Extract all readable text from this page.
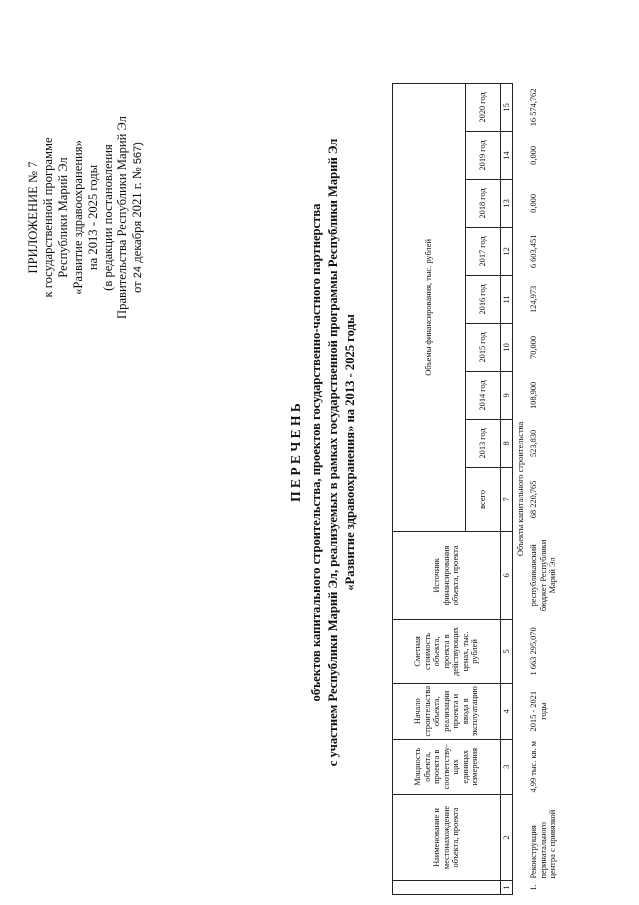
ПРИЛОЖЕНИЕ № 7 к государственной программе Республики Марий Эл «Развитие здравоохранения» на 2013 - 2025 годы (в редакции постановления Правительства Республики Марий Эл от 24 декабря 2021 г. № 567)
П Е Р Е Ч Е Н Ь объектов капитального строительства, проектов государственно-частного партнерства с участием Республики Марий Эл, реализуемых в рамках государственной программы Республики Марий Эл «Развитие здравоохранения» на 2013 - 2025 годы
	Наименование и местонахождение объекта, проекта	Мощность объекта, проекта в соответству-щих единицах измерения	Начало строительства объекта, реализации проекта и ввода в эксплуатацию	Сметная стоимость объекта, проекта в действующих ценах, тыс. рублей	Источник финансирования объекта, проекта	Объемы финансирования, тыс. рублей								
						всего	2013 год	2014 год	2015 год	2016 год	2017 год	2018 год	2019 год	2020 год
1	2	3	4	5	6	7	8	9	10	11	12	13	14	15
Объекты капитального строительства														
1.	Реконструкция перинатального центра с привязкой	4,99 тыс. кв. м	2015 - 2021 годы	1 663 295,070	республиканский бюджет Республики Марий Эл	68 220,765	523,830	108,900	70,000	124,973	6 603,451	0,000	0,000	16 574,762
